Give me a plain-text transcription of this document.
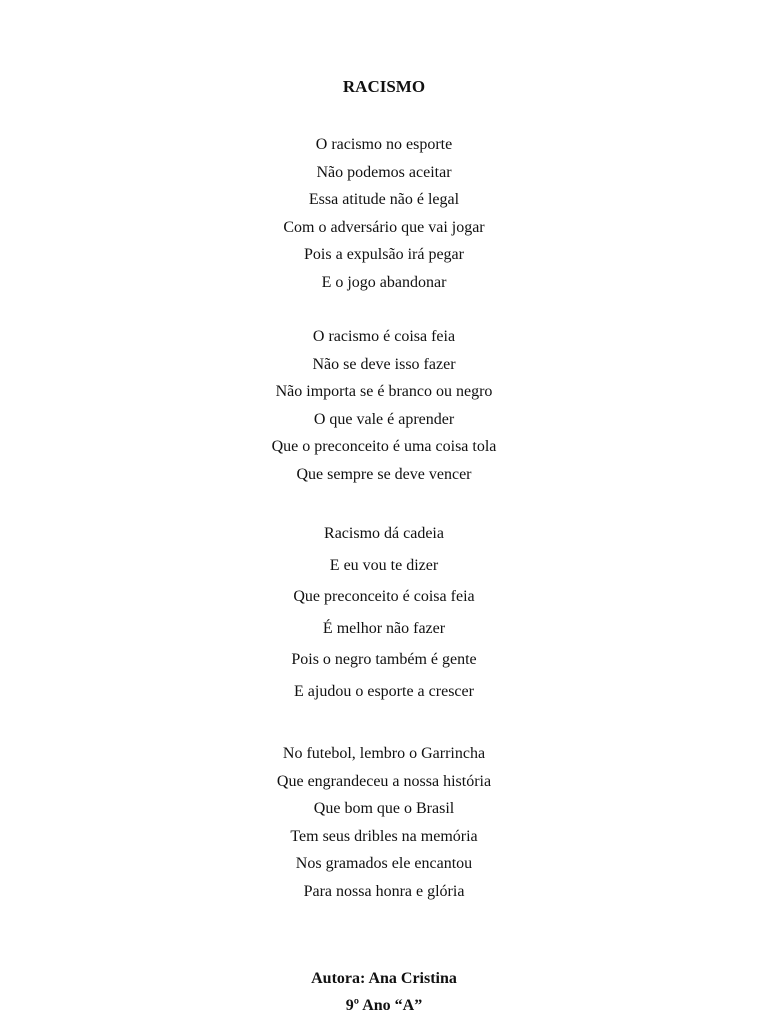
RACISMO
O racismo no esporte
Não podemos aceitar
Essa atitude não é legal
Com o adversário que vai jogar
Pois a expulsão irá pegar
E o jogo abandonar
O racismo é coisa feia
Não se deve isso fazer
Não importa se é branco ou negro
O que vale é aprender
Que o preconceito é uma coisa tola
Que sempre se deve vencer
Racismo dá cadeia
E eu vou te dizer
Que preconceito é coisa feia
É melhor não fazer
Pois o negro também é gente
E ajudou o esporte a crescer
No futebol, lembro o Garrincha
Que engrandeceu a nossa história
Que bom que o Brasil
Tem seus dribles na memória
Nos gramados ele encantou
Para nossa honra e glória
Autora: Ana Cristina
9º Ano “A”
